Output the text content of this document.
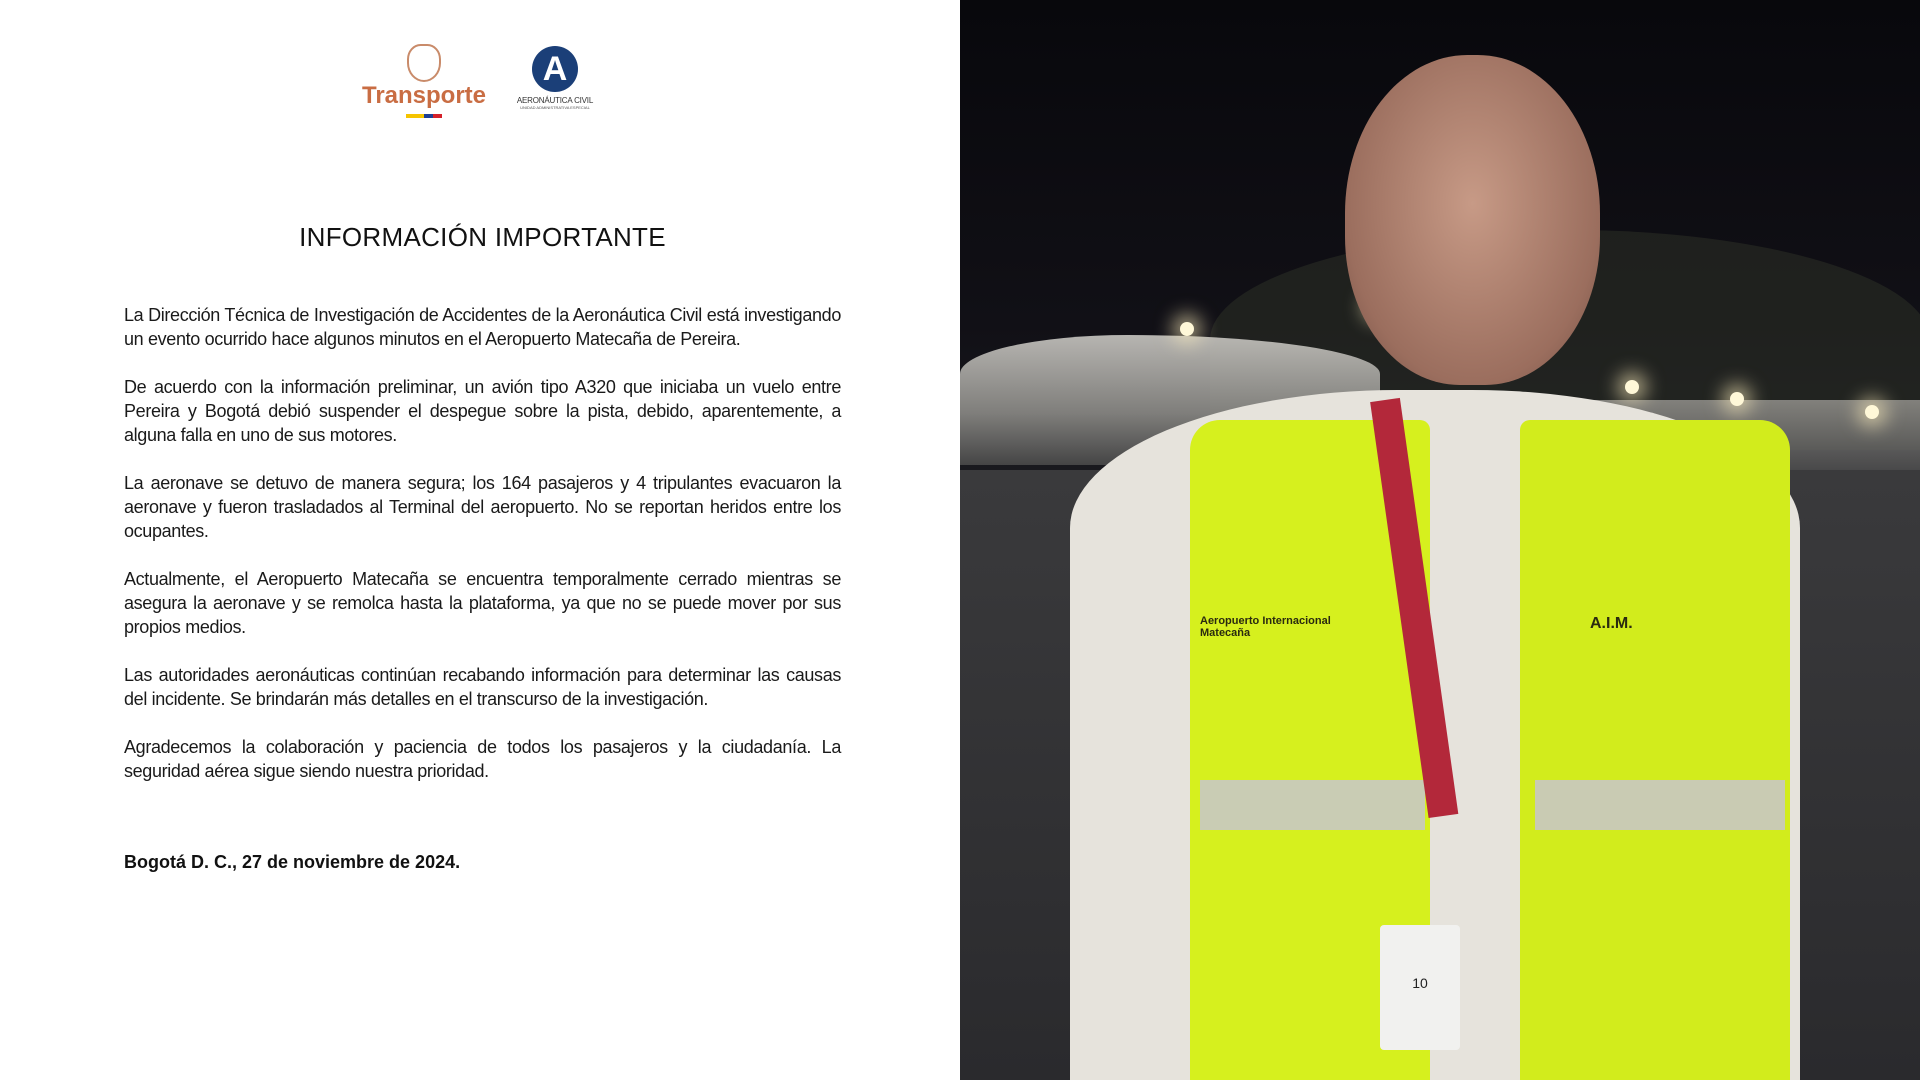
Transporte
A
AERONÁUTICA CIVIL
UNIDAD ADMINISTRATIVA ESPECIAL
INFORMACIÓN IMPORTANTE

La Dirección Técnica de Investigación de Accidentes de la Aeronáutica Civil está investigando un evento ocurrido hace algunos minutos en el Aeropuerto Matecaña de Pereira.

De acuerdo con la información preliminar, un avión tipo A320 que iniciaba un vuelo entre Pereira y Bogotá debió suspender el despegue sobre la pista, debido, aparentemente, a alguna falla en uno de sus motores.

La aeronave se detuvo de manera segura; los 164 pasajeros y 4 tripulantes evacuaron la aeronave y fueron trasladados al Terminal del aeropuerto. No se reportan heridos entre los ocupantes.

Actualmente, el Aeropuerto Matecaña se encuentra temporalmente cerrado mientras se asegura la aeronave y se remolca hasta la plataforma, ya que no se puede mover por sus propios medios.

Las autoridades aeronáuticas continúan recabando información para determinar las causas del incidente. Se brindarán más detalles en el transcurso de la investigación.

Agradecemos la colaboración y paciencia de todos los pasajeros y la ciudadanía. La seguridad aérea sigue siendo nuestra prioridad.

Bogotá D. C., 27 de noviembre de 2024.
Aeropuerto Internacional Matecaña
A.I.M.
10
